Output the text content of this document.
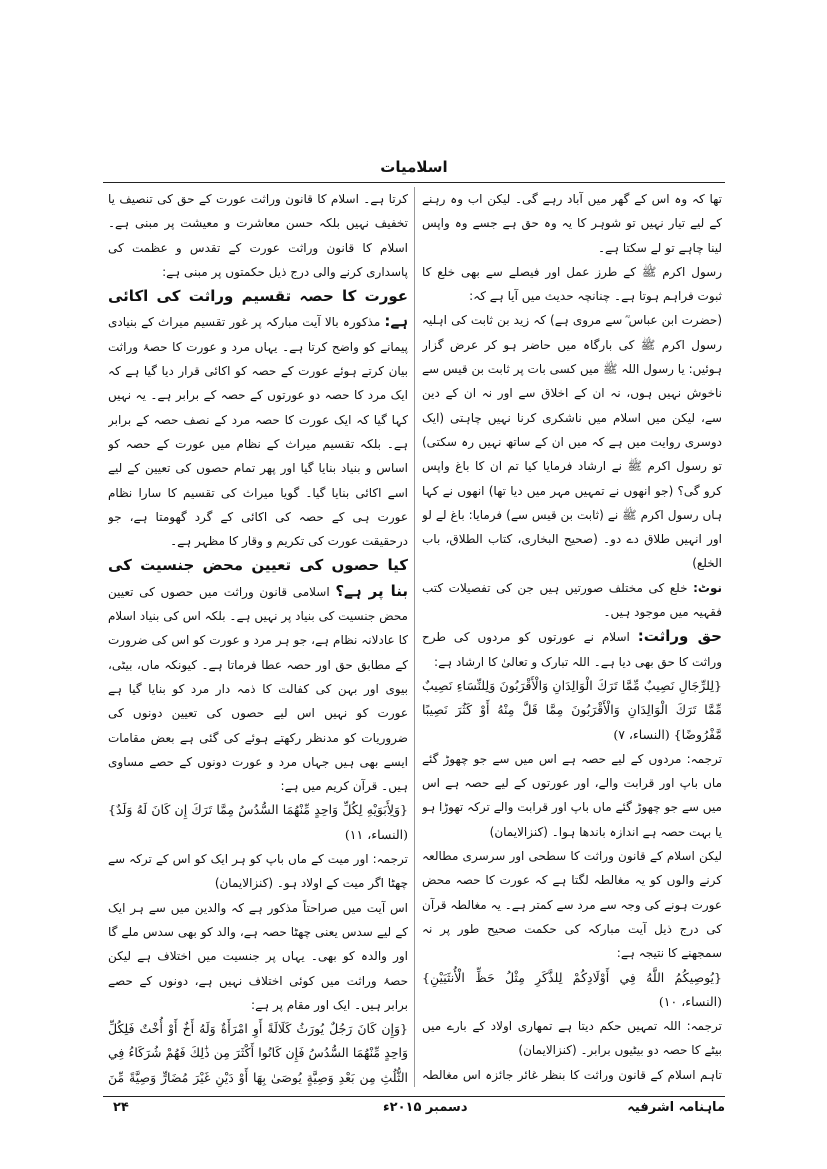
اسلامیات

تھا کہ وہ اس کے گھر میں آباد رہے گی۔ لیکن اب وہ رہنے کے لیے تیار نہیں تو شوہر کا یہ وہ حق ہے جسے وہ واپس لینا چاہے تو لے سکتا ہے۔

رسول اکرم ﷺ کے طرز عمل اور فیصلے سے بھی خلع کا ثبوت فراہم ہوتا ہے۔ چنانچہ حدیث میں آیا ہے کہ:

(حضرت ابن عباس ؓ سے مروی ہے) کہ زید بن ثابت کی اہلیہ رسول اکرم ﷺ کی بارگاہ میں حاضر ہو کر عرض گزار ہوئیں: یا رسول اللہ ﷺ میں کسی بات پر ثابت بن قیس سے ناخوش نہیں ہوں، نہ ان کے اخلاق سے اور نہ ان کے دین سے، لیکن میں اسلام میں ناشکری کرنا نہیں چاہتی (ایک دوسری روایت میں ہے کہ میں ان کے ساتھ نہیں رہ سکتی) تو رسول اکرم ﷺ نے ارشاد فرمایا کیا تم ان کا باغ واپس کرو گی؟ (جو انھوں نے تمہیں مہر میں دیا تھا) انھوں نے کہا ہاں رسول اکرم ﷺ نے (ثابت بن قیس سے) فرمایا: باغ لے لو اور انہیں طلاق دے دو۔ (صحیح البخاری، کتاب الطلاق، باب الخلع)

نوٹ: خلع کی مختلف صورتیں ہیں جن کی تفصیلات کتب فقہیہ میں موجود ہیں۔

حق وراثت: اسلام نے عورتوں کو مردوں کی طرح وراثت کا حق بھی دیا ہے۔ اللہ تبارک و تعالیٰ کا ارشاد ہے:

{لِلرِّجَالِ نَصِيبٌ مِّمَّا تَرَكَ الْوَالِدَانِ وَالْأَقْرَبُونَ وَلِلنِّسَاءِ نَصِيبٌ مِّمَّا تَرَكَ الْوَالِدَانِ وَالْأَقْرَبُونَ مِمَّا قَلَّ مِنْهُ أَوْ كَثُرَ نَصِيبًا مَّفْرُوضًا} (النساء، ۷)

ترجمہ: مردوں کے لیے حصہ ہے اس میں سے جو چھوڑ گئے ماں باپ اور قرابت والے، اور عورتوں کے لیے حصہ ہے اس میں سے جو چھوڑ گئے ماں باپ اور قرابت والے ترکہ تھوڑا ہو یا بہت حصہ ہے اندازہ باندھا ہوا۔ (کنزالایمان)

لیکن اسلام کے قانون وراثت کا سطحی اور سرسری مطالعہ کرنے والوں کو یہ مغالطہ لگتا ہے کہ عورت کا حصہ محض عورت ہونے کی وجہ سے مرد سے کمتر ہے۔ یہ مغالطہ قرآن کی درج ذیل آیت مبارکہ کی حکمت صحیح طور پر نہ سمجھنے کا نتیجہ ہے:

{يُوصِيكُمُ اللَّهُ فِي أَوْلَادِكُمْ لِلذَّكَرِ مِثْلُ حَظِّ الْأُنثَيَيْنِ} (النساء، ۱۰)

ترجمہ: اللہ تمہیں حکم دیتا ہے تمھاری اولاد کے بارے میں بیٹے کا حصہ دو بیٹیوں برابر۔ (کنزالایمان)

تاہم اسلام کے قانون وراثت کا بنظر غائر جائزہ اس مغالطہ

کرتا ہے۔ اسلام کا قانون وراثت عورت کے حق کی تنصیف یا تخفیف نہیں بلکہ حسن معاشرت و معیشت پر مبنی ہے۔ اسلام کا قانون وراثت عورت کے تقدس و عظمت کی پاسداری کرنے والی درج ذیل حکمتوں پر مبنی ہے:

عورت کا حصہ تقسیم وراثت کی اکائی ہے: مذکورہ بالا آیت مبارکہ پر غور تقسیم میراث کے بنیادی پیمانے کو واضح کرتا ہے۔ یہاں مرد و عورت کا حصۂ وراثت بیان کرتے ہوئے عورت کے حصہ کو اکائی قرار دیا گیا ہے کہ ایک مرد کا حصہ دو عورتوں کے حصہ کے برابر ہے۔ یہ نہیں کہا گیا کہ ایک عورت کا حصہ مرد کے نصف حصہ کے برابر ہے۔ بلکہ تقسیم میراث کے نظام میں عورت کے حصہ کو اساس و بنیاد بنایا گیا اور پھر تمام حصوں کی تعیین کے لیے اسے اکائی بنایا گیا۔ گویا میراث کی تقسیم کا سارا نظام عورت ہی کے حصہ کی اکائی کے گرد گھومتا ہے، جو درحقیقت عورت کی تکریم و وقار کا مظہر ہے۔

کیا حصوں کی تعیین محض جنسیت کی بنا پر ہے؟ اسلامی قانون وراثت میں حصوں کی تعیین محض جنسیت کی بنیاد پر نہیں ہے۔ بلکہ اس کی بنیاد اسلام کا عادلانہ نظام ہے، جو ہر مرد و عورت کو اس کی ضرورت کے مطابق حق اور حصہ عطا فرماتا ہے۔ کیونکہ ماں، بیٹی، بیوی اور بہن کی کفالت کا ذمہ دار مرد کو بنایا گیا ہے عورت کو نہیں اس لیے حصوں کی تعیین دونوں کی ضروریات کو مدنظر رکھتے ہوئے کی گئی ہے بعض مقامات ایسے بھی ہیں جہاں مرد و عورت دونوں کے حصے مساوی ہیں۔ قرآن کریم میں ہے:

{وَلِأَبَوَيْهِ لِكُلِّ وَاحِدٍ مِّنْهُمَا السُّدُسُ مِمَّا تَرَكَ إِن كَانَ لَهُ وَلَدٌ} (النساء، ۱۱)

ترجمہ: اور میت کے ماں باپ کو ہر ایک کو اس کے ترکہ سے چھٹا اگر میت کے اولاد ہو۔ (کنزالایمان)

اس آیت میں صراحتاً مذکور ہے کہ والدین میں سے ہر ایک کے لیے سدس یعنی چھٹا حصہ ہے، والد کو بھی سدس ملے گا اور والدہ کو بھی۔ یہاں پر جنسیت میں اختلاف ہے لیکن حصۂ وراثت میں کوئی اختلاف نہیں ہے، دونوں کے حصے برابر ہیں۔ ایک اور مقام پر ہے:

{وَإِن كَانَ رَجُلٌ يُورَثُ كَلَالَةً أَوِ امْرَأَةٌ وَلَهُ أَخٌ أَوْ أُخْتٌ فَلِكُلِّ وَاحِدٍ مِّنْهُمَا السُّدُسُ فَإِن كَانُوا أَكْثَرَ مِن ذَٰلِكَ فَهُمْ شُرَكَاءُ فِي الثُّلُثِ مِن بَعْدِ وَصِيَّةٍ يُوصَىٰ بِهَا أَوْ دَيْنٍ غَيْرَ مُضَارٍّ وَصِيَّةً مِّنَ

ماہنامہ اشرفیہ
دسمبر ۲۰۱۵ء
۲۴
